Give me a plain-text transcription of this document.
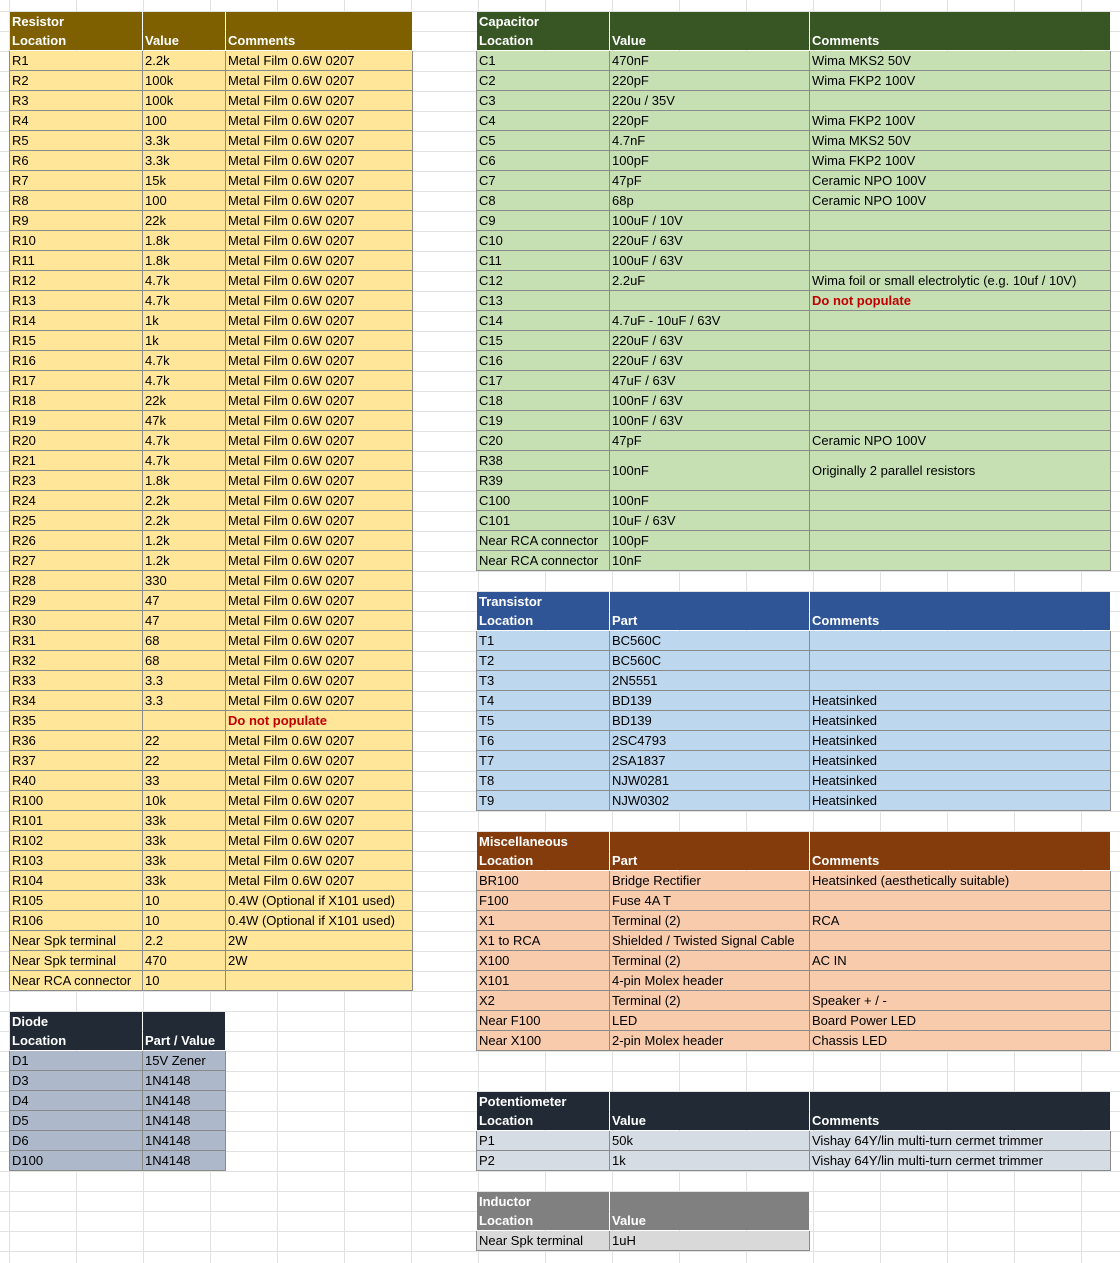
Resistor		
Location	Value	Comments
R1	2.2k	Metal Film 0.6W 0207
R2	100k	Metal Film 0.6W 0207
R3	100k	Metal Film 0.6W 0207
R4	100	Metal Film 0.6W 0207
R5	3.3k	Metal Film 0.6W 0207
R6	3.3k	Metal Film 0.6W 0207
R7	15k	Metal Film 0.6W 0207
R8	100	Metal Film 0.6W 0207
R9	22k	Metal Film 0.6W 0207
R10	1.8k	Metal Film 0.6W 0207
R11	1.8k	Metal Film 0.6W 0207
R12	4.7k	Metal Film 0.6W 0207
R13	4.7k	Metal Film 0.6W 0207
R14	1k	Metal Film 0.6W 0207
R15	1k	Metal Film 0.6W 0207
R16	4.7k	Metal Film 0.6W 0207
R17	4.7k	Metal Film 0.6W 0207
R18	22k	Metal Film 0.6W 0207
R19	47k	Metal Film 0.6W 0207
R20	4.7k	Metal Film 0.6W 0207
R21	4.7k	Metal Film 0.6W 0207
R23	1.8k	Metal Film 0.6W 0207
R24	2.2k	Metal Film 0.6W 0207
R25	2.2k	Metal Film 0.6W 0207
R26	1.2k	Metal Film 0.6W 0207
R27	1.2k	Metal Film 0.6W 0207
R28	330	Metal Film 0.6W 0207
R29	47	Metal Film 0.6W 0207
R30	47	Metal Film 0.6W 0207
R31	68	Metal Film 0.6W 0207
R32	68	Metal Film 0.6W 0207
R33	3.3	Metal Film 0.6W 0207
R34	3.3	Metal Film 0.6W 0207
R35		Do not populate
R36	22	Metal Film 0.6W 0207
R37	22	Metal Film 0.6W 0207
R40	33	Metal Film 0.6W 0207
R100	10k	Metal Film 0.6W 0207
R101	33k	Metal Film 0.6W 0207
R102	33k	Metal Film 0.6W 0207
R103	33k	Metal Film 0.6W 0207
R104	33k	Metal Film 0.6W 0207
R105	10	0.4W (Optional if X101 used)
R106	10	0.4W (Optional if X101 used)
Near Spk terminal	2.2	2W
Near Spk terminal	470	2W
Near RCA connector	10	
Diode	
Location	Part / Value
D1	15V Zener
D3	1N4148
D4	1N4148
D5	1N4148
D6	1N4148
D100	1N4148
Capacitor		
Location	Value	Comments
C1	470nF	Wima MKS2 50V
C2	220pF	Wima FKP2 100V
C3	220u / 35V	
C4	220pF	Wima FKP2 100V
C5	4.7nF	Wima MKS2 50V
C6	100pF	Wima FKP2 100V
C7	47pF	Ceramic NPO 100V
C8	68p	Ceramic NPO 100V
C9	100uF / 10V	
C10	220uF / 63V	
C11	100uF / 63V	
C12	2.2uF	Wima foil or small electrolytic (e.g. 10uf / 10V)
C13		Do not populate
C14	4.7uF - 10uF / 63V	
C15	220uF / 63V	
C16	220uF / 63V	
C17	47uF / 63V	
C18	100nF / 63V	
C19	100nF / 63V	
C20	47pF	Ceramic NPO 100V
R38	100nF	Originally 2 parallel resistors
R39		
C100	100nF	
C101	10uF / 63V	
Near RCA connector	100pF	
Near RCA connector	10nF	
Transistor		
Location	Part	Comments
T1	BC560C	
T2	BC560C	
T3	2N5551	
T4	BD139	Heatsinked
T5	BD139	Heatsinked
T6	2SC4793	Heatsinked
T7	2SA1837	Heatsinked
T8	NJW0281	Heatsinked
T9	NJW0302	Heatsinked
Miscellaneous		
Location	Part	Comments
BR100	Bridge Rectifier	Heatsinked (aesthetically suitable)
F100	Fuse 4A T	
X1	Terminal (2)	RCA
X1 to RCA	Shielded / Twisted Signal Cable	
X100	Terminal (2)	AC IN
X101	4-pin Molex header	
X2	Terminal (2)	Speaker + / -
Near F100	LED	Board Power LED
Near X100	2-pin Molex header	Chassis LED
Potentiometer		
Location	Value	Comments
P1	50k	Vishay 64Y/lin multi-turn cermet trimmer
P2	1k	Vishay 64Y/lin multi-turn cermet trimmer
Inductor	
Location	Value
Near Spk terminal	1uH
